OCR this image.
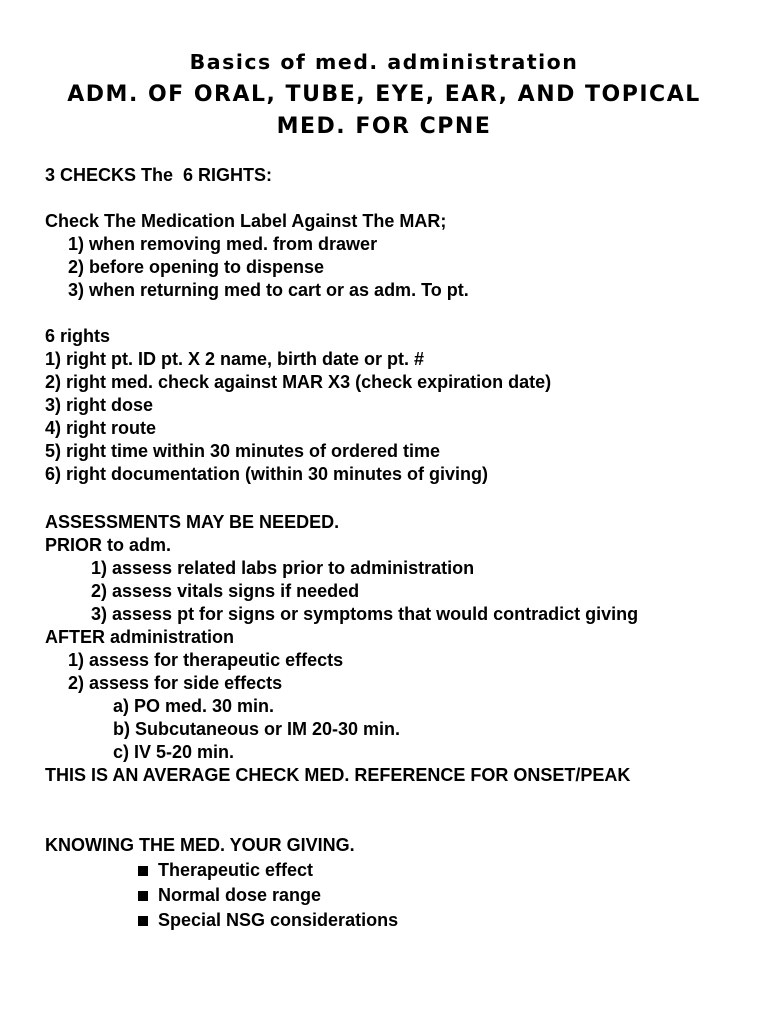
Basics of med. administration
ADM. OF ORAL, TUBE, EYE, EAR, AND TOPICAL
MED. FOR CPNE

3 CHECKS The  6 RIGHTS:

Check The Medication Label Against The MAR;

1) when removing med. from drawer

2) before opening to dispense

3) when returning med to cart or as adm. To pt.

6 rights

1) right pt. ID pt. X 2 name, birth date or pt. #

2) right med. check against MAR X3 (check expiration date)

3) right dose

4) right route

5) right time within 30 minutes of ordered time

6) right documentation (within 30 minutes of giving)

ASSESSMENTS MAY BE NEEDED.

PRIOR to adm.

1) assess related labs prior to administration

2) assess vitals signs if needed

3) assess pt for signs or symptoms that would contradict giving

AFTER administration

1) assess for therapeutic effects

2) assess for side effects

a) PO med. 30 min.

b) Subcutaneous or IM 20-30 min.

c) IV 5-20 min.

THIS IS AN AVERAGE CHECK MED. REFERENCE FOR ONSET/PEAK

KNOWING THE MED. YOUR GIVING.

Therapeutic effect

Normal dose range

Special NSG considerations
